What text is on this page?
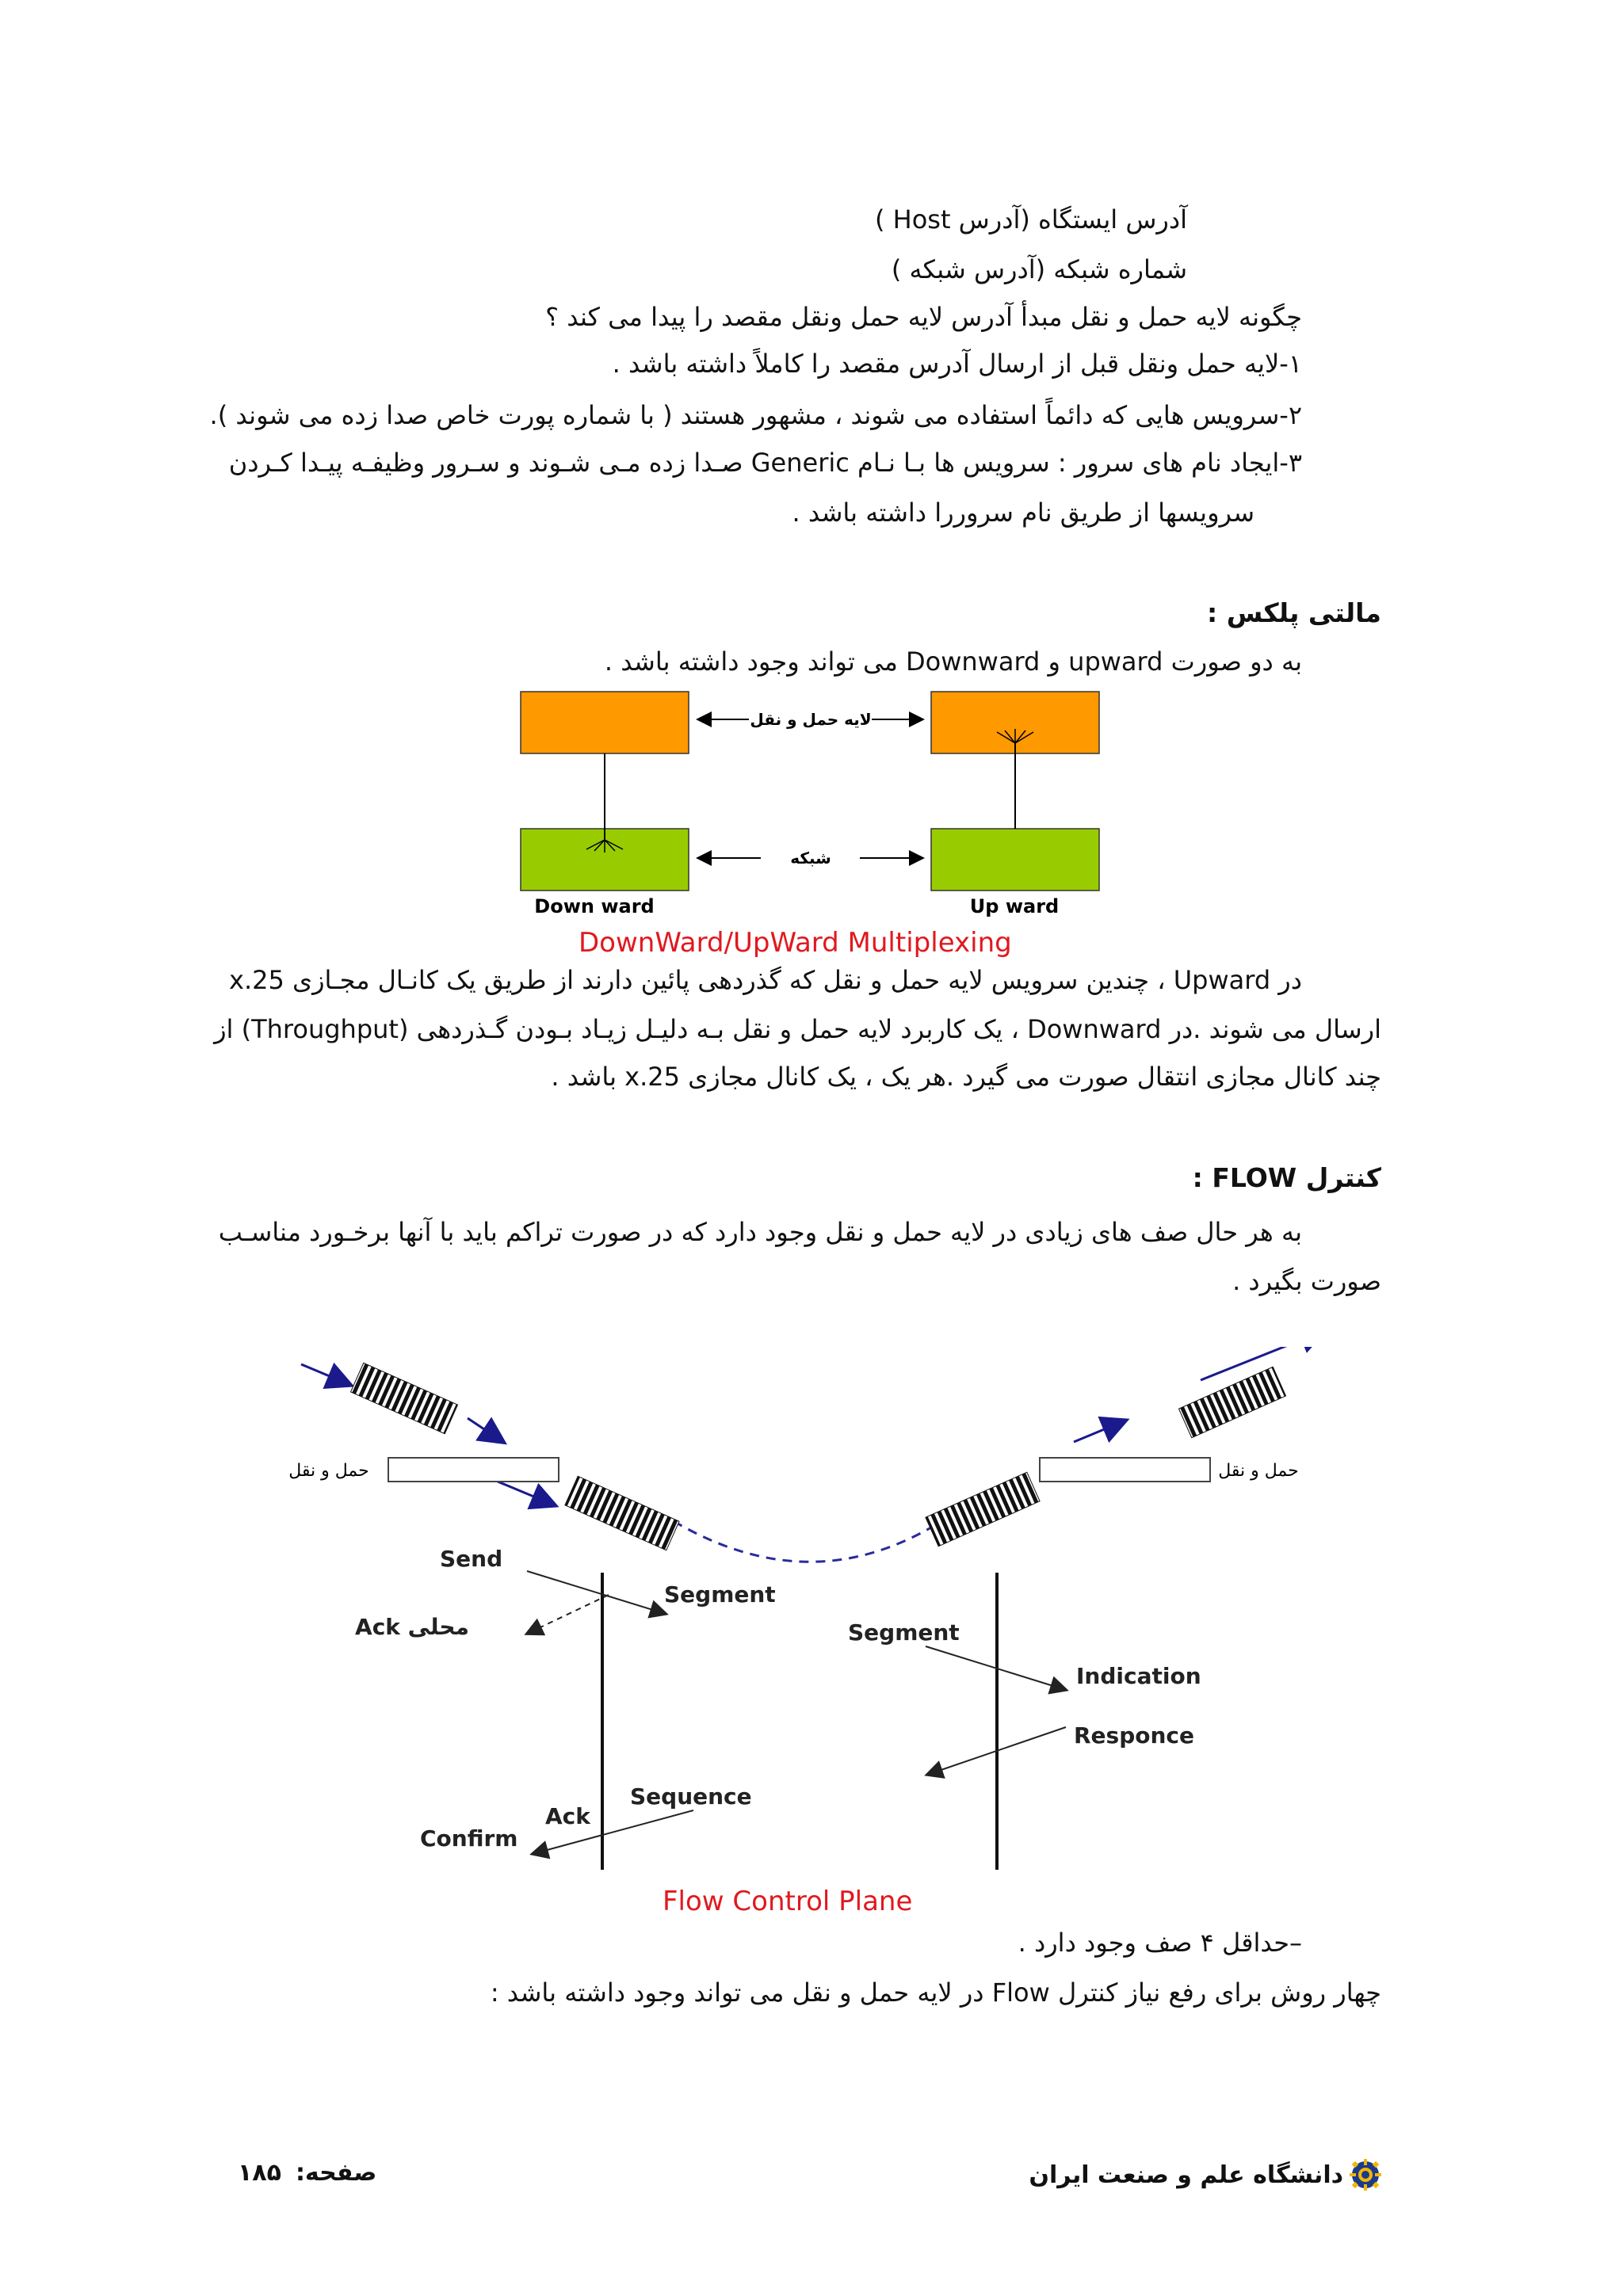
آدرس ایستگاه (آدرس Host )
شماره شبکه (آدرس شبکه )
چگونه لایه حمل و نقل مبدأ آدرس لایه حمل ونقل مقصد را پیدا می کند ؟
۱-لایه حمل ونقل قبل از ارسال آدرس مقصد را کاملاً داشته باشد .
۲-سرویس هایی که دائماً استفاده می شوند ، مشهور هستند ( با شماره پورت خاص صدا زده می شوند ).
۳-ایجاد نام های سرور : سرویس ها بـا نـام Generic صـدا زده مـی شـوند و سـرور وظیفـه پیـدا کـردن
سرویسها از طریق نام سروررا داشته باشد .
مالتی پلکس :
به دو صورت upward و Downward می تواند وجود داشته باشد .
لایه حمل و نقل
شبکه
Down ward	Up ward
DownWard/UpWard Multiplexing
در Upward ، چندین سرویس لایه حمل و نقل که گذردهی پائین دارند از طریق یک کانـال مجـازی x.25
ارسال می شوند .در Downward ، یک کاربرد لایه حمل و نقل بـه دلیـل زیـاد بـودن گـذردهی (Throughput) از
چند کانال مجازی انتقال صورت می گیرد .هر یک ، یک کانال مجازی x.25 باشد .
کنترل FLOW :
به هر حال صف های زیادی در لایه حمل و نقل وجود دارد که در صورت تراکم باید با آنها برخـورد مناسـب
صورت بگیرد .
حمل و نقل	حمل و نقل
Send
Segment
محلی Ack	Segment
Indication
Responce
Sequence
Ack
Confirm
Flow Control Plane
–حداقل ۴ صف وجود دارد .
چهار روش برای رفع نیاز کنترل Flow در لایه حمل و نقل می تواند وجود داشته باشد :
دانشگاه علم و صنعت ایران
صفحه:
۱۸۵
